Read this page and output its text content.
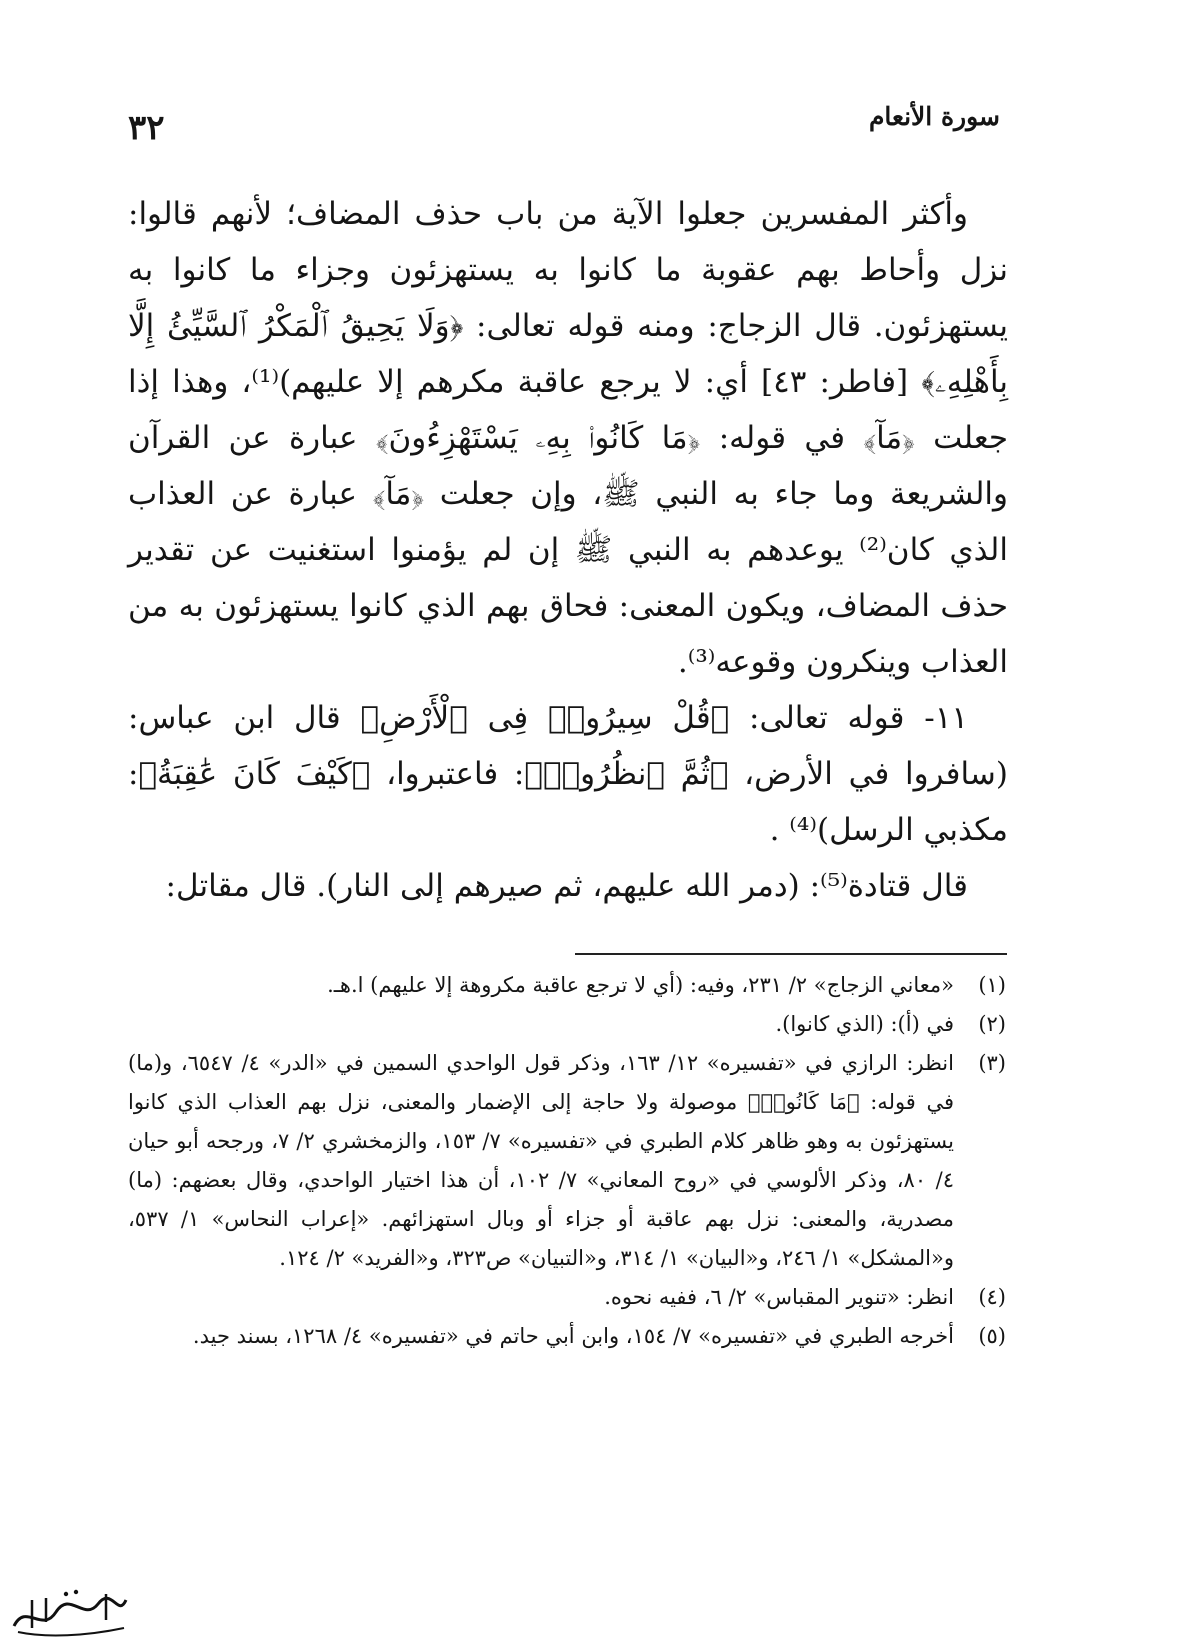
سورة الأنعام
٣٢

وأكثر المفسرين جعلوا الآية من باب حذف المضاف؛ لأنهم قالوا: نزل وأحاط بهم عقوبة ما كانوا به يستهزئون وجزاء ما كانوا به يستهزئون. قال الزجاج: ومنه قوله تعالى: ﴿وَلَا يَحِيقُ ٱلْمَكْرُ ٱلسَّيِّئُ إِلَّا بِأَهْلِهِۦ﴾ [فاطر: ٤٣] أي: لا يرجع عاقبة مكرهم إلا عليهم)⁽¹⁾، وهذا إذا جعلت ﴿مَآ﴾ في قوله: ﴿مَا كَانُوا۟ بِهِۦ يَسْتَهْزِءُونَ﴾ عبارة عن القرآن والشريعة وما جاء به النبي ﷺ، وإن جعلت ﴿مَآ﴾ عبارة عن العذاب الذي كان⁽²⁾ يوعدهم به النبي ﷺ إن لم يؤمنوا استغنيت عن تقدير حذف المضاف، ويكون المعنى: فحاق بهم الذي كانوا يستهزئون به من العذاب وينكرون وقوعه⁽³⁾.

١١- قوله تعالى: ﴿قُلْ سِيرُوا۟ فِى ٱلْأَرْضِ﴾ قال ابن عباس: (سافروا في الأرض، ﴿ثُمَّ ٱنظُرُوا۟﴾: فاعتبروا، ﴿كَيْفَ كَانَ عَٰقِبَةُ﴾: مكذبي الرسل)⁽⁴⁾ .

قال قتادة⁽⁵⁾: (دمر الله عليهم، ثم صيرهم إلى النار). قال مقاتل:

(١)
«معاني الزجاج» ٢/ ٢٣١، وفيه: (أي لا ترجع عاقبة مكروهة إلا عليهم) ا.هـ.
(٢)
في (أ): (الذي كانوا).
(٣)
انظر: الرازي في «تفسيره» ١٢/ ١٦٣، وذكر قول الواحدي السمين في «الدر» ٤/ ٦٥٤٧، و(ما) في قوله: ﴿مَا كَانُوا۟﴾ موصولة ولا حاجة إلى الإضمار والمعنى، نزل بهم العذاب الذي كانوا يستهزئون به وهو ظاهر كلام الطبري في «تفسيره» ٧/ ١٥٣، والزمخشري ٢/ ٧، ورجحه أبو حيان ٤/ ٨٠، وذكر الألوسي في «روح المعاني» ٧/ ١٠٢، أن هذا اختيار الواحدي، وقال بعضهم: (ما) مصدرية، والمعنى: نزل بهم عاقبة أو جزاء أو وبال استهزائهم. «إعراب النحاس» ١/ ٥٣٧، و«المشكل» ١/ ٢٤٦، و«البيان» ١/ ٣١٤، و«التبيان» ص٣٢٣، و«الفريد» ٢/ ١٢٤.
(٤)
انظر: «تنوير المقباس» ٢/ ٦، ففيه نحوه.
(٥)
أخرجه الطبري في «تفسيره» ٧/ ١٥٤، وابن أبي حاتم في «تفسيره» ٤/ ١٢٦٨، بسند جيد.
